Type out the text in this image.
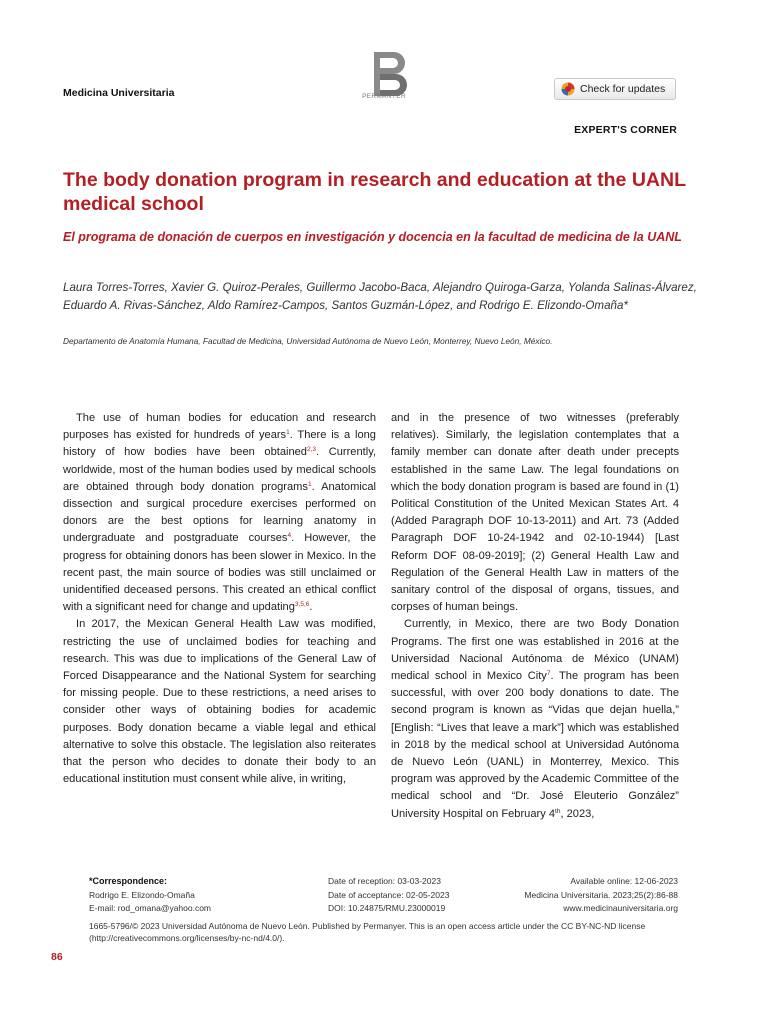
Medicina Universitaria	PERMANYER
Check for updates
EXPERT'S CORNER
The body donation program in research and education at the UANL medical school
El programa de donación de cuerpos en investigación y docencia en la facultad de medicina de la UANL
Laura Torres-Torres, Xavier G. Quiroz-Perales, Guillermo Jacobo-Baca, Alejandro Quiroga-Garza, Yolanda Salinas-Álvarez, Eduardo A. Rivas-Sánchez, Aldo Ramírez-Campos, Santos Guzmán-López, and Rodrigo E. Elizondo-Omaña*
Departamento de Anatomía Humana, Facultad de Medicina, Universidad Autónoma de Nuevo León, Monterrey, Nuevo León, México.

The use of human bodies for education and research purposes has existed for hundreds of years$^1$. There is a long history of how bodies have been obtained$^{2,3}$. Currently, worldwide, most of the human bodies used by medical schools are obtained through body donation programs$^1$. Anatomical dissection and surgical procedure exercises performed on donors are the best options for learning anatomy in undergraduate and postgraduate courses$^4$. However, the progress for obtaining donors has been slower in Mexico. In the recent past, the main source of bodies was still unclaimed or unidentified deceased persons. This created an ethical conflict with a significant need for change and updating$^{3,5,6}$.

In 2017, the Mexican General Health Law was modified, restricting the use of unclaimed bodies for teaching and research. This was due to implications of the General Law of Forced Disappearance and the National System for searching for missing people. Due to these restrictions, a need arises to consider other ways of obtaining bodies for academic purposes. Body donation became a viable legal and ethical alternative to solve this obstacle. The legislation also reiterates that the person who decides to donate their body to an educational institution must consent while alive, in writing,

and in the presence of two witnesses (preferably relatives). Similarly, the legislation contemplates that a family member can donate after death under precepts established in the same Law. The legal foundations on which the body donation program is based are found in (1) Political Constitution of the United Mexican States Art. 4 (Added Paragraph DOF 10-13-2011) and Art. 73 (Added Paragraph DOF 10-24-1942 and 02-10-1944) [Last Reform DOF 08-09-2019]; (2) General Health Law and Regulation of the General Health Law in matters of the sanitary control of the disposal of organs, tissues, and corpses of human beings.

Currently, in Mexico, there are two Body Donation Programs. The first one was established in 2016 at the Universidad Nacional Autónoma de México (UNAM) medical school in Mexico City$^7$. The program has been successful, with over 200 body donations to date. The second program is known as “Vidas que dejan huella,” [English: “Lives that leave a mark”] which was established in 2018 by the medical school at Universidad Autónoma de Nuevo León (UANL) in Monterrey, Mexico. This program was approved by the Academic Committee of the medical school and “Dr. José Eleuterio González” University Hospital on February 4th, 2023,

*Correspondence:
Rodrigo E. Elizondo-Omaña
E-mail: rod_omana@yahoo.com
Date of reception: 03-03-2023
Date of acceptance: 02-05-2023
DOI: 10.24875/RMU.23000019
Available online: 12-06-2023
Medicina Universitaria. 2023;25(2):86-88
www.medicinauniversitaria.org
1665-5796/© 2023 Universidad Autónoma de Nuevo León. Published by Permanyer. This is an open access article under the CC BY-NC-ND license (http://creativecommons.org/licenses/by-nc-nd/4.0/).
86
